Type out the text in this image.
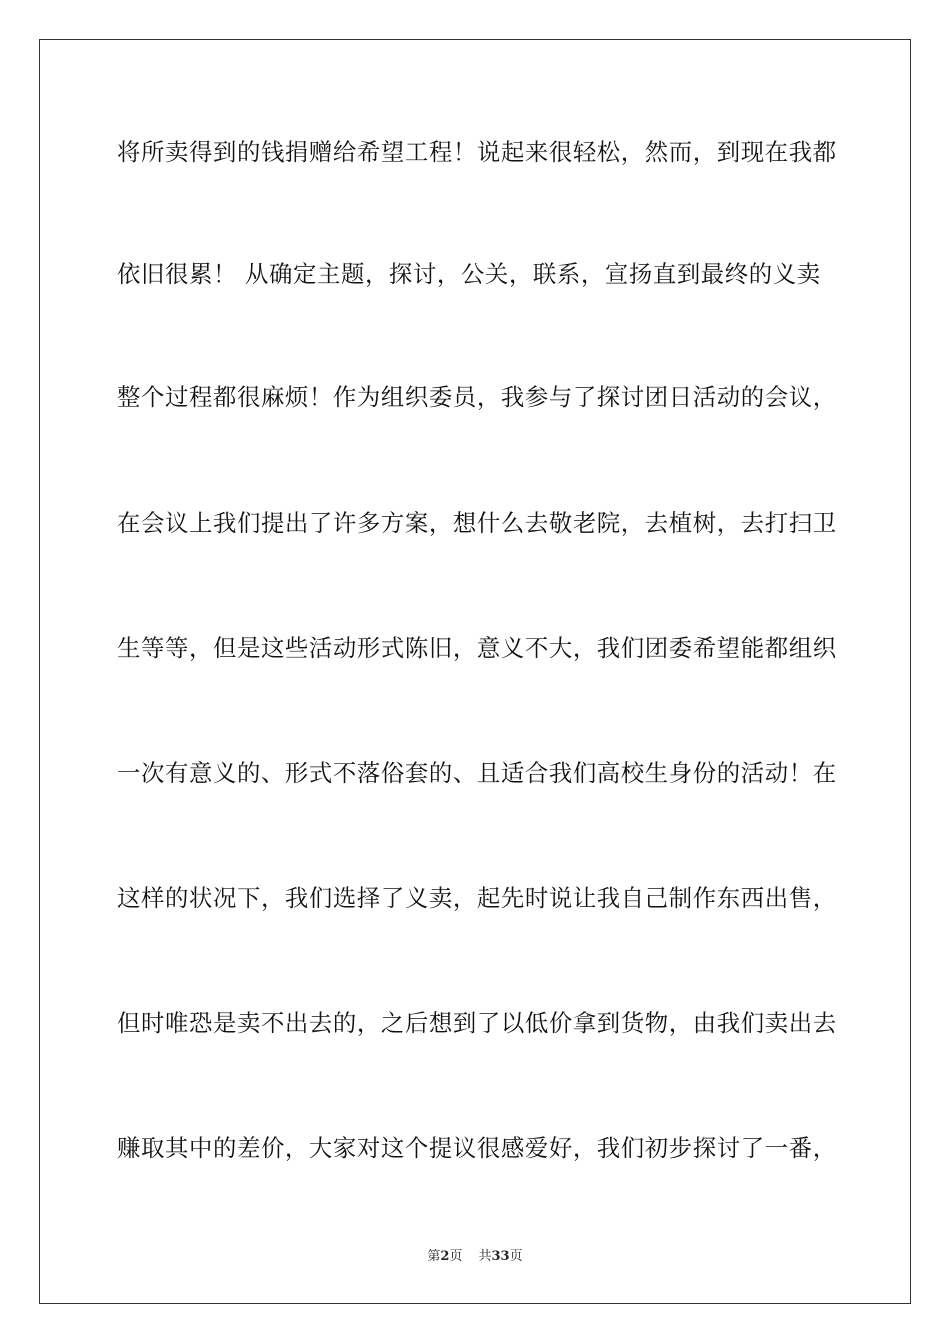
将所卖得到的钱捐赠给希望工程！说起来很轻松，然而，到现在我都
依旧很累！ 从确定主题，探讨，公关，联系，宣扬直到最终的义卖
整个过程都很麻烦！作为组织委员，我参与了探讨团日活动的会议，
在会议上我们提出了许多方案，想什么去敬老院，去植树，去打扫卫
生等等，但是这些活动形式陈旧，意义不大，我们团委希望能都组织
一次有意义的、形式不落俗套的、且适合我们高校生身份的活动！在
这样的状况下，我们选择了义卖，起先时说让我自己制作东西出售，
但时唯恐是卖不出去的，之后想到了以低价拿到货物，由我们卖出去
赚取其中的差价，大家对这个提议很感爱好，我们初步探讨了一番，
第2页 共33页
